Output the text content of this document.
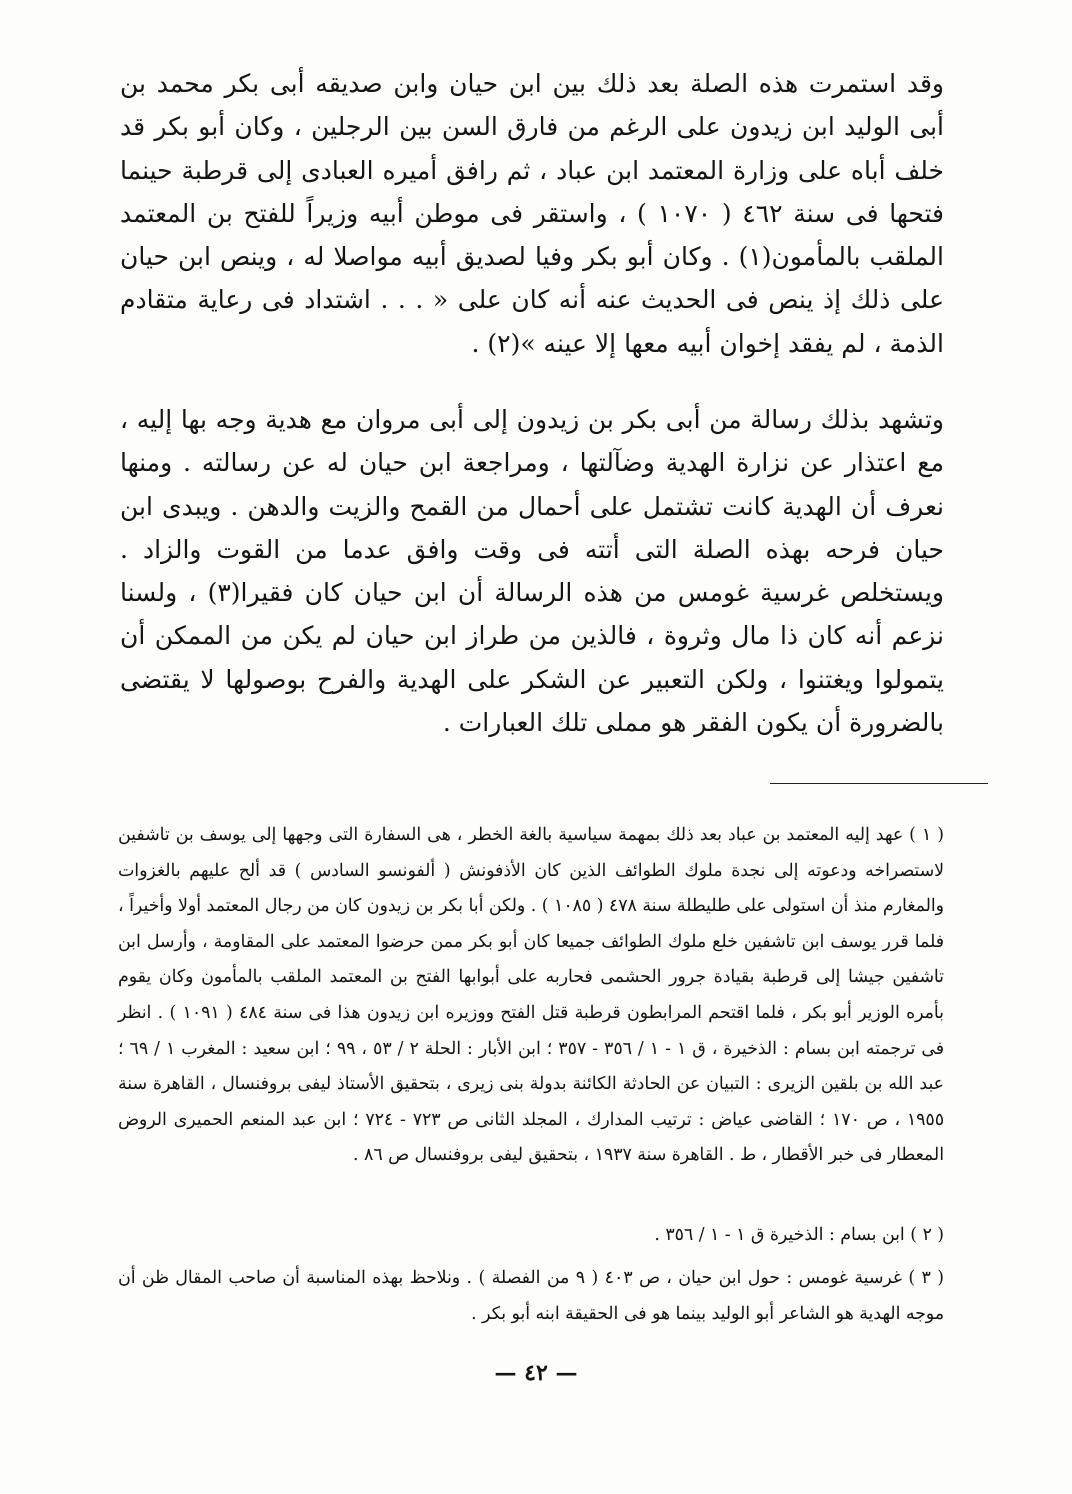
وقد استمرت هذه الصلة بعد ذلك بين ابن حيان وابن صديقه أبى بكر محمد بن أبى الوليد ابن زيدون على الرغم من فارق السن بين الرجلين ، وكان أبو بكر قد خلف أباه على وزارة المعتمد ابن عباد ، ثم رافق أميره العبادى إلى قرطبة حينما فتحها فى سنة ٤٦٢ ( ١٠٧٠ ) ، واستقر فى موطن أبيه وزيراً للفتح بن المعتمد الملقب بالمأمون(١) . وكان أبو بكر وفيا لصديق أبيه مواصلا له ، وينص ابن حيان على ذلك إذ ينص فى الحديث عنه أنه كان على « . . . اشتداد فى رعاية متقادم الذمة ، لم يفقد إخوان أبيه معها إلا عينه »(٢) .

وتشهد بذلك رسالة من أبى بكر بن زيدون إلى أبى مروان مع هدية وجه بها إليه ، مع اعتذار عن نزارة الهدية وضآلتها ، ومراجعة ابن حيان له عن رسالته . ومنها نعرف أن الهدية كانت تشتمل على أحمال من القمح والزيت والدهن . ويبدى ابن حيان فرحه بهذه الصلة التى أتته فى وقت وافق عدما من القوت والزاد . ويستخلص غرسية غومس من هذه الرسالة أن ابن حيان كان فقيرا(٣) ، ولسنا نزعم أنه كان ذا مال وثروة ، فالذين من طراز ابن حيان لم يكن من الممكن أن يتمولوا ويغتنوا ، ولكن التعبير عن الشكر على الهدية والفرح بوصولها لا يقتضى بالضرورة أن يكون الفقر هو مملى تلك العبارات .

( ١ ) عهد إليه المعتمد بن عباد بعد ذلك بمهمة سياسية بالغة الخطر ، هى السفارة التى وجهها إلى يوسف بن تاشفين لاستصراخه ودعوته إلى نجدة ملوك الطوائف الذين كان الأذفونش ( ألفونسو السادس ) قد ألح عليهم بالغزوات والمغارم منذ أن استولى على طليطلة سنة ٤٧٨ ( ١٠٨٥ ) . ولكن أبا بكر بن زيدون كان من رجال المعتمد أولا وأخيراً ، فلما قرر يوسف ابن تاشفين خلع ملوك الطوائف جميعا كان أبو بكر ممن حرضوا المعتمد على المقاومة ، وأرسل ابن تاشفين جيشا إلى قرطبة بقيادة جرور الحشمى فحاربه على أبوابها الفتح بن المعتمد الملقب بالمأمون وكان يقوم بأمره الوزير أبو بكر ، فلما اقتحم المرابطون قرطبة قتل الفتح ووزيره ابن زيدون هذا فى سنة ٤٨٤ ( ١٠٩١ ) . انظر فى ترجمته ابن بسام : الذخيرة ، ق ١ - ١ / ٣٥٦ - ٣٥٧ ؛ ابن الأبار : الحلة ٢ / ٥٣ ، ٩٩ ؛ ابن سعيد : المغرب ١ / ٦٩ ؛ عبد الله بن بلقين الزيرى : التبيان عن الحادثة الكائنة بدولة بنى زيرى ، بتحقيق الأستاذ ليفى بروفنسال ، القاهرة سنة ١٩٥٥ ، ص ١٧٠ ؛ القاضى عياض : ترتيب المدارك ، المجلد الثانى ص ٧٢٣ - ٧٢٤ ؛ ابن عبد المنعم الحميرى الروض المعطار فى خبر الأقطار ، ط . القاهرة سنة ١٩٣٧ ، بتحقيق ليفى بروفنسال ص ٨٦ .

( ٢ ) ابن بسام : الذخيرة ق ١ - ١ / ٣٥٦ .

( ٣ ) غرسية غومس : حول ابن حيان ، ص ٤٠٣ ( ٩ من الفصلة ) . ونلاحظ بهذه المناسبة أن صاحب المقال ظن أن موجه الهدية هو الشاعر أبو الوليد بينما هو فى الحقيقة ابنه أبو بكر .

— ٤٢ —
